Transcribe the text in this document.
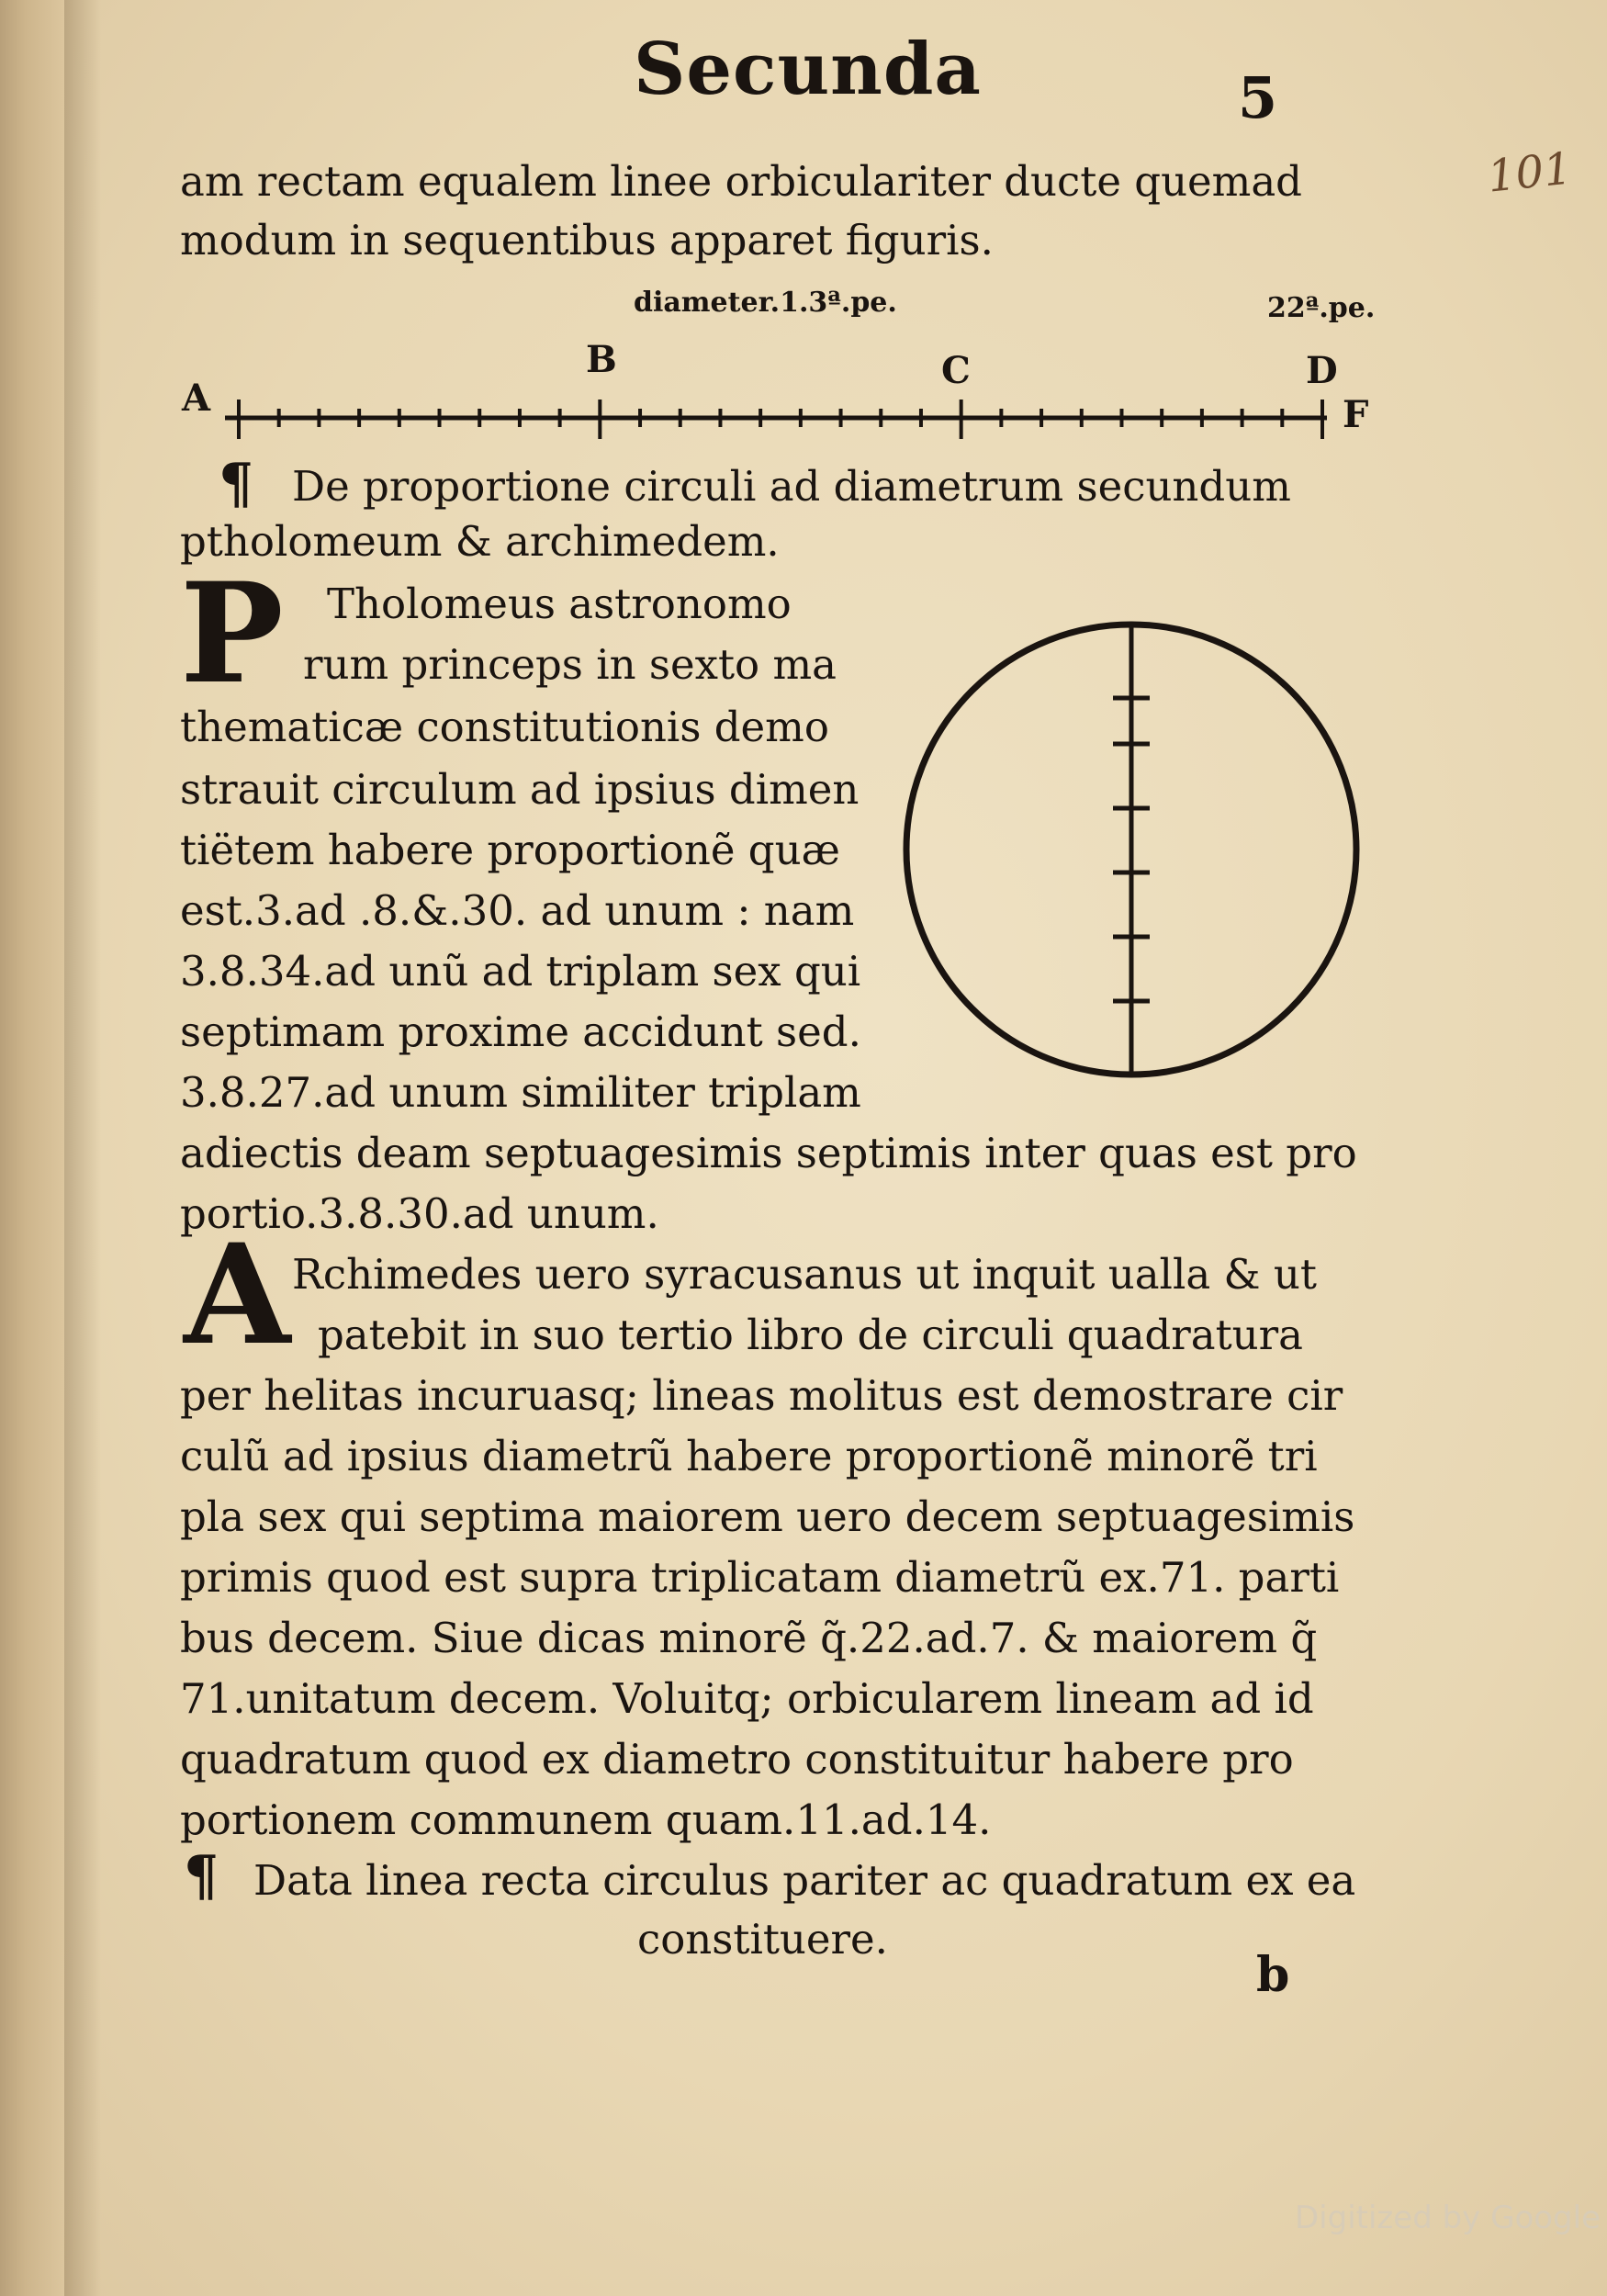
Secunda	5
101
am rectam equalem linee orbiculariter ducte quemad
modum in sequentibus apparet figuris.
diameter.1.3ª.pe.	22ª.pe.
A
B	C	D
F
¶ De proportione circuli ad diametrum secundum
ptholomeum & archimedem.
P Tholomeus astronomo
rum princeps in sexto ma
thematicæ constitutionis demo
strauit circulum ad ipsius dimen
tiëtem habere proportionẽ quæ
est.3.ad .8.&.30. ad unum : nam
3.8.34.ad unũ ad triplam sex qui
septimam proxime accidunt sed.
3.8.27.ad unum similiter triplam
adiectis deam septuagesimis septimis inter quas est pro
portio.3.8.30.ad unum.
A Rchimedes uero syracusanus ut inquit ualla & ut
patebit in suo tertio libro de circuli quadratura
per helitas incuruasq; lineas molitus est demostrare cir
culũ ad ipsius diametrũ habere proportionẽ minorẽ tri
pla sex qui septima maiorem uero decem septuagesimis
primis quod est supra triplicatam diametrũ ex.71. parti
bus decem. Siue dicas minorẽ q̃.22.ad.7. & maiorem q̃
71.unitatum decem. Voluitq; orbicularem lineam ad id
quadratum quod ex diametro constituitur habere pro
portionem communem quam.11.ad.14.
¶ Data linea recta circulus pariter ac quadratum ex ea
constituere.
b
Digitized by Google
